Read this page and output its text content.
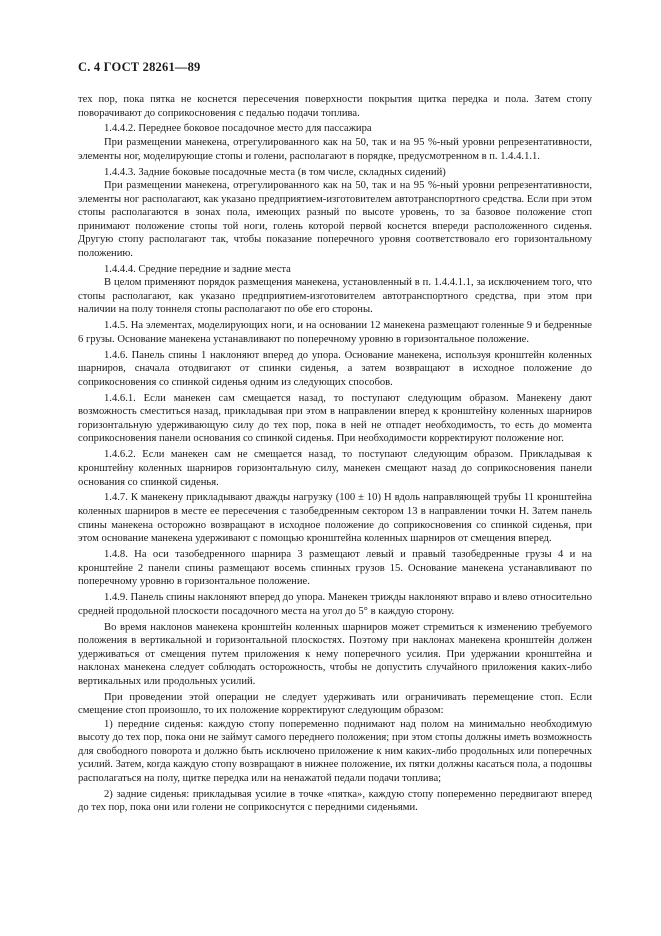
С. 4 ГОСТ 28261—89

тех пор, пока пятка не коснется пересечения поверхности покрытия щитка передка и пола. Затем стопу поворачивают до соприкосновения с педалью подачи топлива.

1.4.4.2. Переднее боковое посадочное место для пассажира

При размещении манекена, отрегулированного как на 50, так и на 95 %-ный уровни репрезентативности, элементы ног, моделирующие стопы и голени, располагают в порядке, предусмотренном в п. 1.4.4.1.1.

1.4.4.3. Задние боковые посадочные места (в том числе, складных сидений)

При размещении манекена, отрегулированного как на 50, так и на 95 %-ный уровни репрезентативности, элементы ног располагают, как указано предприятием-изготовителем автотранспортного средства. Если при этом стопы располагаются в зонах пола, имеющих разный по высоте уровень, то за базовое положение стоп принимают положение стопы той ноги, голень которой первой коснется впереди расположенного сиденья. Другую стопу располагают так, чтобы показание поперечного уровня соответствовало его горизонтальному положению.

1.4.4.4. Средние передние и задние места

В целом применяют порядок размещения манекена, установленный в п. 1.4.4.1.1, за исключением того, что стопы располагают, как указано предприятием-изготовителем автотранспортного средства, при этом при наличии на полу тоннеля стопы располагают по обе его стороны.

1.4.5. На элементах, моделирующих ноги, и на основании 12 манекена размещают голенные 9 и бедренные 6 грузы. Основание манекена устанавливают по поперечному уровню в горизонтальное положение.

1.4.6. Панель спины 1 наклоняют вперед до упора. Основание манекена, используя кронштейн коленных шарниров, сначала отодвигают от спинки сиденья, а затем возвращают в исходное положение до соприкосновения со спинкой сиденья одним из следующих способов.

1.4.6.1. Если манекен сам смещается назад, то поступают следующим образом. Манекену дают возможность сместиться назад, прикладывая при этом в направлении вперед к кронштейну коленных шарниров горизонтальную удерживающую силу до тех пор, пока в ней не отпадет необходимость, то есть до момента соприкосновения панели основания со спинкой сиденья. При необходимости корректируют положение ног.

1.4.6.2. Если манекен сам не смещается назад, то поступают следующим образом. Прикладывая к кронштейну коленных шарниров горизонтальную силу, манекен смещают назад до соприкосновения панели основания со спинкой сиденья.

1.4.7. К манекену прикладывают дважды нагрузку (100 ± 10) Н вдоль направляющей трубы 11 кронштейна коленных шарниров в месте ее пересечения с тазобедренным сектором 13 в направлении точки H. Затем панель спины манекена осторожно возвращают в исходное положение до соприкосновения со спинкой сиденья, при этом основание манекена удерживают с помощью кронштейна коленных шарниров от смещения вперед.

1.4.8. На оси тазобедренного шарнира 3 размещают левый и правый тазобедренные грузы 4 и на кронштейне 2 панели спины размещают восемь спинных грузов 15. Основание манекена устанавливают по поперечному уровню в горизонтальное положение.

1.4.9. Панель спины наклоняют вперед до упора. Манекен трижды наклоняют вправо и влево относительно средней продольной плоскости посадочного места на угол до 5° в каждую сторону.

Во время наклонов манекена кронштейн коленных шарниров может стремиться к изменению требуемого положения в вертикальной и горизонтальной плоскостях. Поэтому при наклонах манекена кронштейн должен удерживаться от смещения путем приложения к нему поперечного усилия. При удержании кронштейна и наклонах манекена следует соблюдать осторожность, чтобы не допустить случайного приложения каких-либо вертикальных или продольных усилий.

При проведении этой операции не следует удерживать или ограничивать перемещение стоп. Если смещение стоп произошло, то их положение корректируют следующим образом:

1) передние сиденья: каждую стопу попеременно поднимают над полом на минимально необходимую высоту до тех пор, пока они не займут самого переднего положения; при этом стопы должны иметь возможность для свободного поворота и должно быть исключено приложение к ним каких-либо продольных или поперечных усилий. Затем, когда каждую стопу возвращают в нижнее положение, их пятки должны касаться пола, а подошвы располагаться на полу, щитке передка или на ненажатой педали подачи топлива;

2) задние сиденья: прикладывая усилие в точке «пятка», каждую стопу попеременно передвигают вперед до тех пор, пока они или голени не соприкоснутся с передними сиденьями.
